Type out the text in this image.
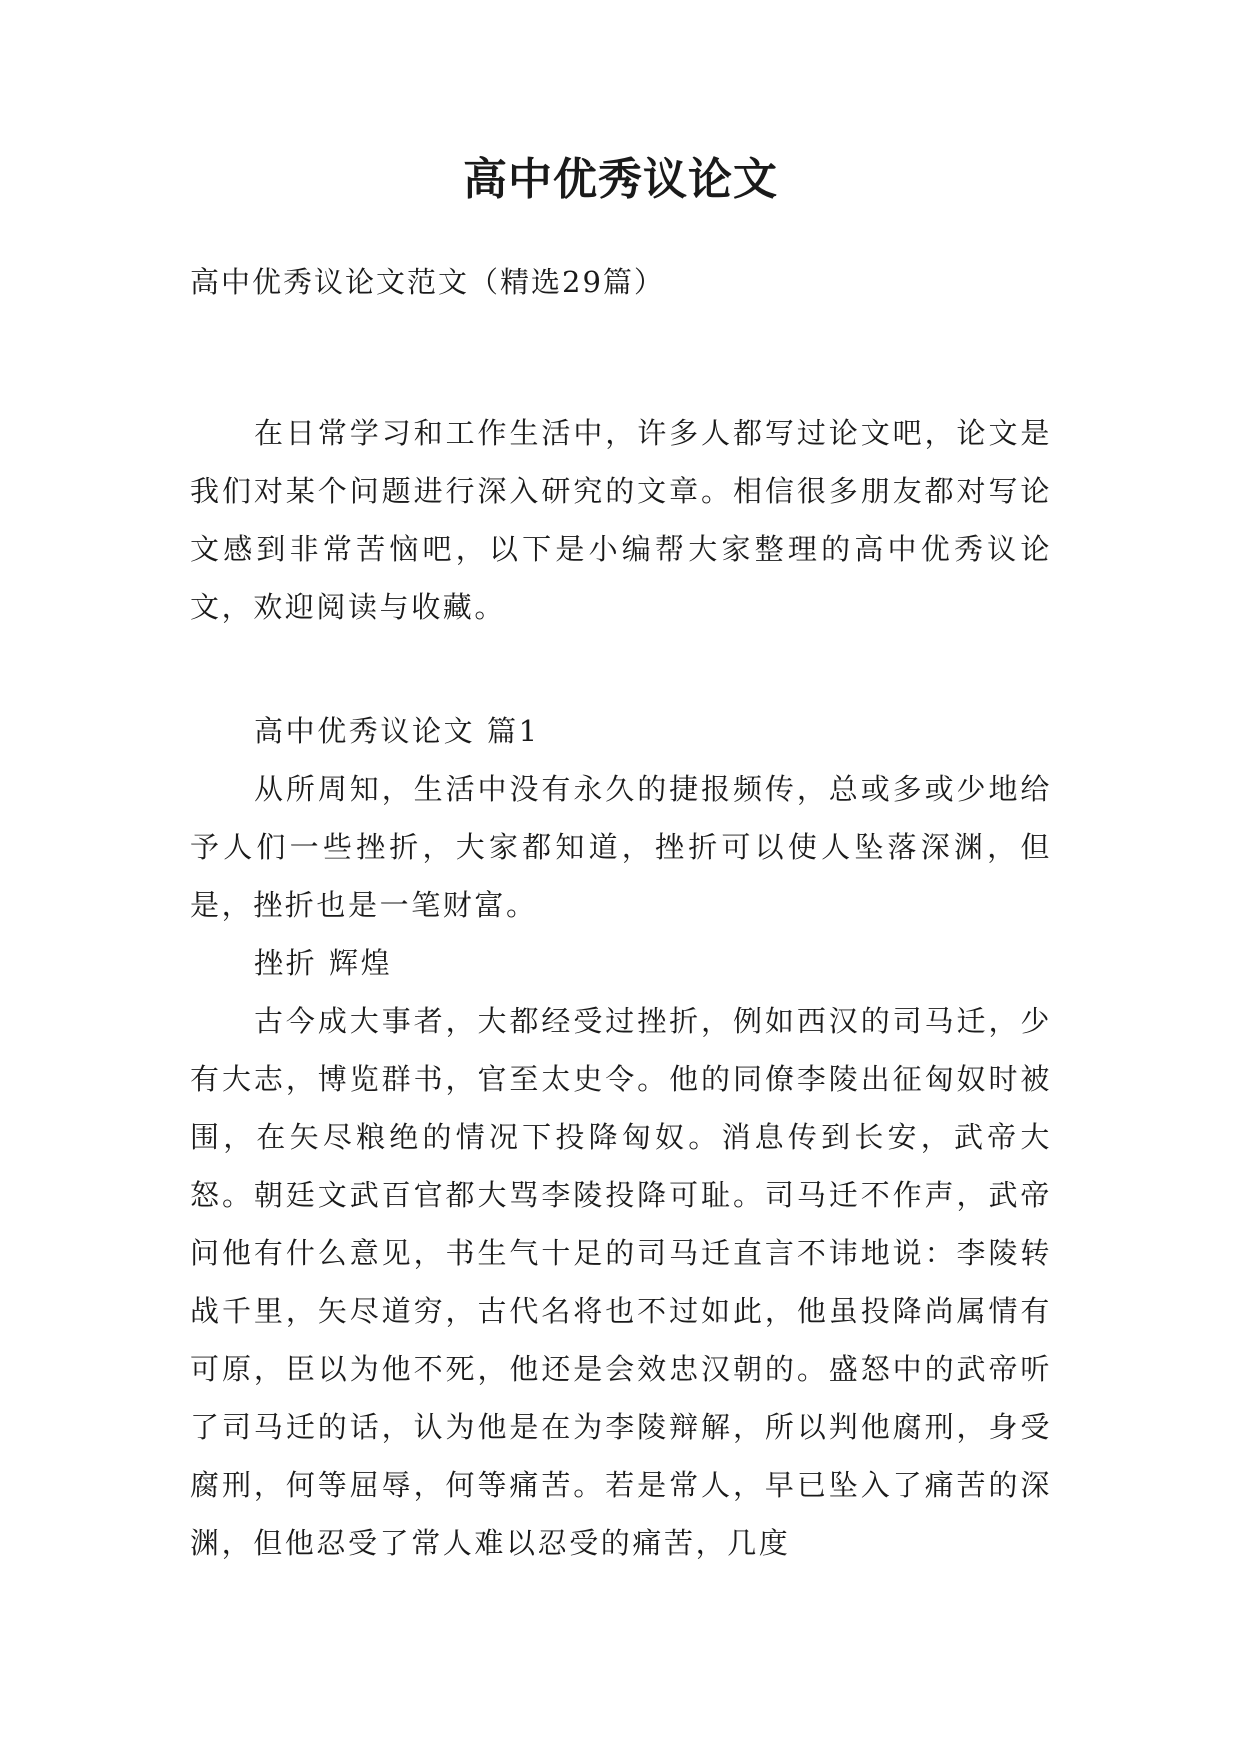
高中优秀议论文
高中优秀议论文范文（精选29篇）

在日常学习和工作生活中，许多人都写过论文吧，论文是我们对某个问题进行深入研究的文章。相信很多朋友都对写论文感到非常苦恼吧，以下是小编帮大家整理的高中优秀议论文，欢迎阅读与收藏。

高中优秀议论文 篇1

从所周知，生活中没有永久的捷报频传，总或多或少地给予人们一些挫折，大家都知道，挫折可以使人坠落深渊，但是，挫折也是一笔财富。

挫折 辉煌

古今成大事者，大都经受过挫折，例如西汉的司马迁，少有大志，博览群书，官至太史令。他的同僚李陵出征匈奴时被围，在矢尽粮绝的情况下投降匈奴。消息传到长安，武帝大怒。朝廷文武百官都大骂李陵投降可耻。司马迁不作声，武帝问他有什么意见，书生气十足的司马迁直言不讳地说：李陵转战千里，矢尽道穷，古代名将也不过如此，他虽投降尚属情有可原，臣以为他不死，他还是会效忠汉朝的。盛怒中的武帝听了司马迁的话，认为他是在为李陵辩解，所以判他腐刑，身受腐刑，何等屈辱，何等痛苦。若是常人，早已坠入了痛苦的深渊，但他忍受了常人难以忍受的痛苦，几度
